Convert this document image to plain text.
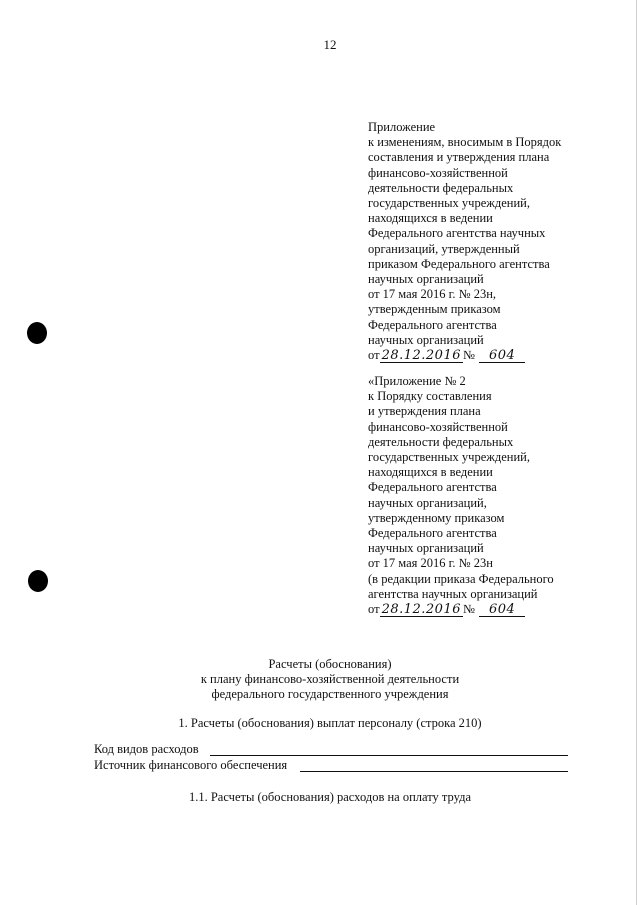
12
Приложение
к изменениям, вносимым в Порядок
составления и утверждения плана
финансово-хозяйственной
деятельности федеральных
государственных учреждений,
находящихся в ведении
Федерального агентства научных
организаций, утвержденный
приказом Федерального агентства
научных организаций
от 17 мая 2016 г. № 23н,
утвержденным приказом
Федерального агентства
научных организаций
от 28.12.2016 № 604
«Приложение № 2
к Порядку составления
и утверждения плана
финансово-хозяйственной
деятельности федеральных
государственных учреждений,
находящихся в ведении
Федерального агентства
научных организаций,
утвержденному приказом
Федерального агентства
научных организаций
от 17 мая 2016 г. № 23н
(в редакции приказа Федерального
агентства научных организаций
от 28.12.2016 № 604
Расчеты (обоснования)
к плану финансово-хозяйственной деятельности
федерального государственного учреждения
1. Расчеты (обоснования) выплат персоналу (строка 210)
Код видов расходов
Источник финансового обеспечения
1.1. Расчеты (обоснования) расходов на оплату труда
